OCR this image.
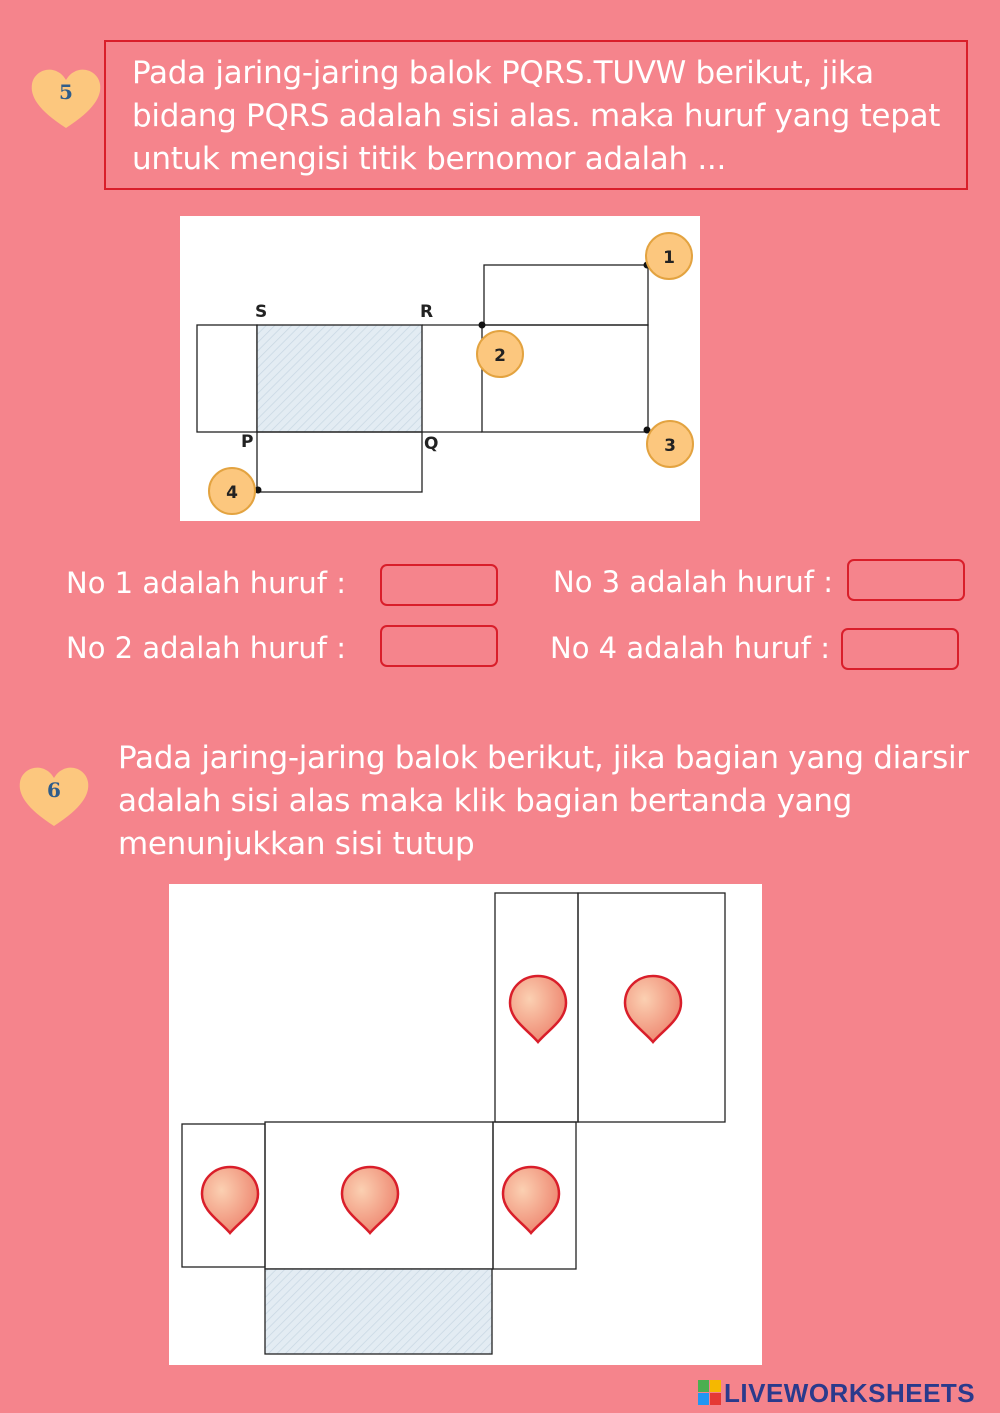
5
Pada jaring-jaring balok PQRS.TUVW berikut, jika
bidang PQRS adalah sisi alas. maka huruf yang tepat
untuk mengisi titik bernomor adalah ...
S	R
P	Q
1
2
3
4
No 1 adalah huruf :
No 2 adalah huruf :
No 3 adalah huruf :
No 4 adalah huruf :
6
Pada jaring-jaring balok berikut, jika bagian yang diarsir
adalah sisi alas maka klik bagian bertanda yang
menunjukkan sisi tutup
LIVEWORKSHEETS
